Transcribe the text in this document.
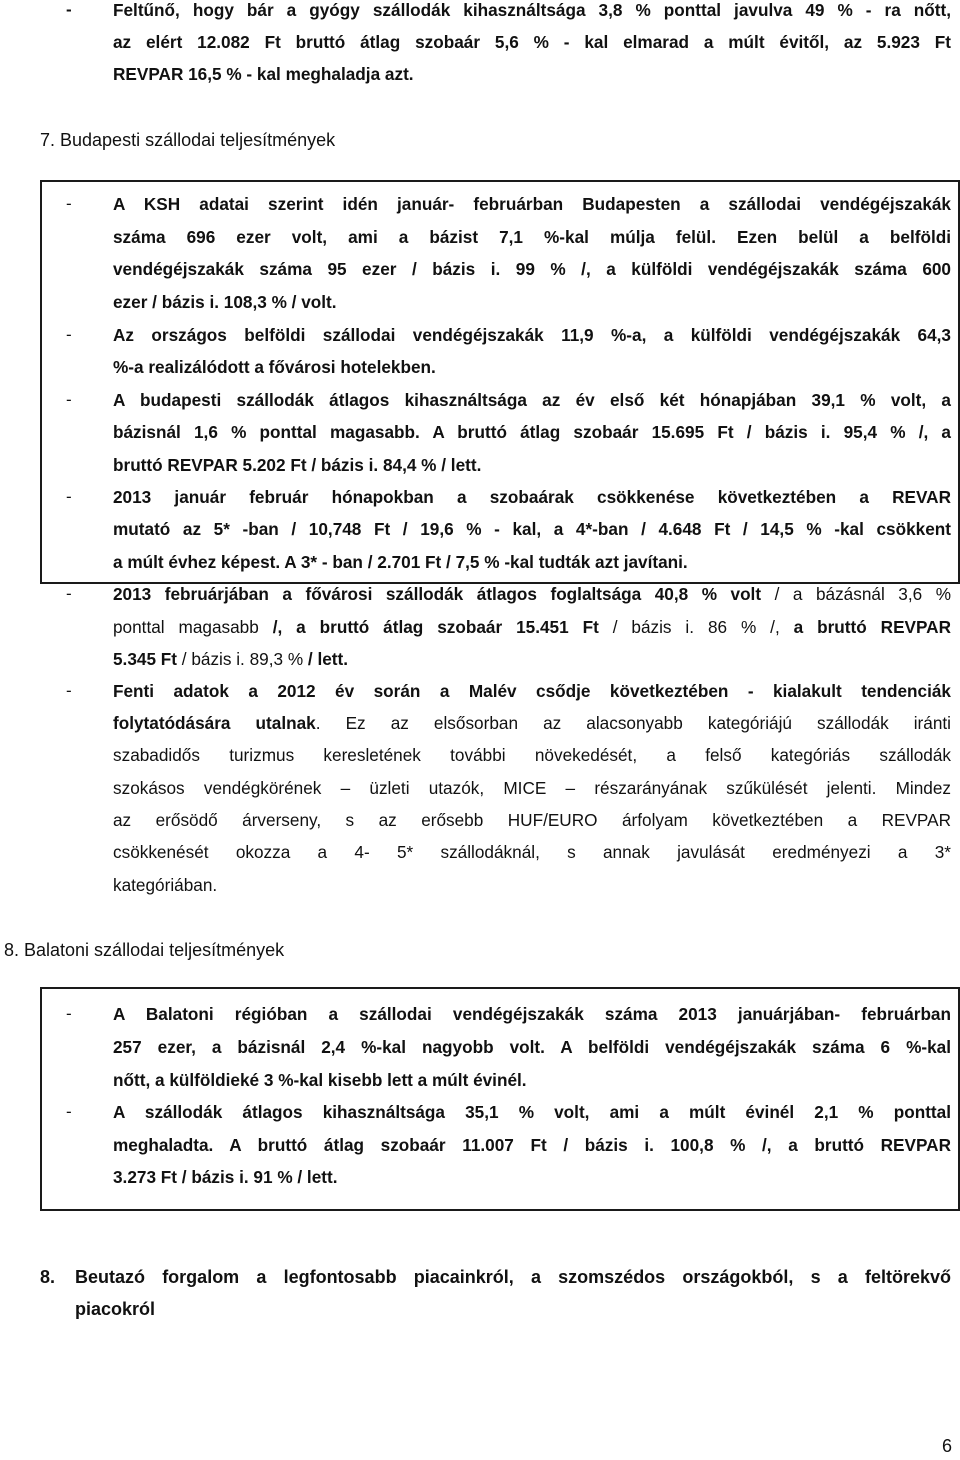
- Feltűnő, hogy bár a gyógy szállodák kihasználtsága 3,8 % ponttal javulva 49 % - ra nőtt,
az elért 12.082 Ft bruttó átlag szobaár 5,6 % - kal elmarad a múlt évitől, az 5.923 Ft
REVPAR 16,5 % - kal meghaladja azt.
7. Budapesti szállodai teljesítmények
- A KSH adatai szerint idén január- februárban Budapesten a szállodai vendégéjszakák
száma 696 ezer volt, ami a bázist 7,1 %-kal múlja felül. Ezen belül a belföldi
vendégéjszakák száma 95 ezer / bázis i. 99 % /, a külföldi vendégéjszakák száma 600
ezer / bázis i. 108,3 % / volt.
- Az országos belföldi szállodai vendégéjszakák 11,9 %-a, a külföldi vendégéjszakák 64,3
%-a realizálódott a fővárosi hotelekben.
- A budapesti szállodák átlagos kihasználtsága az év első két hónapjában 39,1 % volt, a
bázisnál 1,6 % ponttal magasabb. A bruttó átlag szobaár 15.695 Ft / bázis i. 95,4 % /, a
bruttó REVPAR 5.202 Ft / bázis i. 84,4 % / lett.
- 2013 január február hónapokban a szobaárak csökkenése következtében a REVAR
mutató az 5* -ban / 10,748 Ft / 19,6 % - kal, a 4*-ban / 4.648 Ft / 14,5 % -kal csökkent
a múlt évhez képest. A 3* - ban / 2.701 Ft / 7,5 % -kal tudták azt javítani.
- 2013 februárjában a fővárosi szállodák átlagos foglaltsága 40,8 % volt / a bázásnál 3,6 %
ponttal magasabb /, a bruttó átlag szobaár 15.451 Ft / bázis i. 86 % /, a bruttó REVPAR
5.345 Ft / bázis i. 89,3 % / lett.
- Fenti adatok a 2012 év során a Malév csődje következtében - kialakult tendenciák
folytatódására utalnak. Ez az elsősorban az alacsonyabb kategóriájú szállodák iránti
szabadidős turizmus keresletének további növekedését, a felső kategóriás szállodák
szokásos vendégkörének – üzleti utazók, MICE – részarányának szűkülését jelenti. Mindez
az erősödő árverseny, s az erősebb HUF/EURO árfolyam következtében a REVPAR
csökkenését okozza a 4- 5* szállodáknál, s annak javulását eredményezi a 3*
kategóriában.
8. Balatoni szállodai teljesítmények
- A Balatoni régióban a szállodai vendégéjszakák száma 2013 januárjában- februárban
257 ezer, a bázisnál 2,4 %-kal nagyobb volt. A belföldi vendégéjszakák száma 6 %-kal
nőtt, a külföldieké 3 %-kal kisebb lett a múlt évinél.
- A szállodák átlagos kihasználtsága 35,1 % volt, ami a múlt évinél 2,1 % ponttal
meghaladta. A bruttó átlag szobaár 11.007 Ft / bázis i. 100,8 % /, a bruttó REVPAR
3.273 Ft / bázis i. 91 % / lett.
8. Beutazó forgalom a legfontosabb piacainkról, a szomszédos országokból, s a feltörekvő
piacokról
6
